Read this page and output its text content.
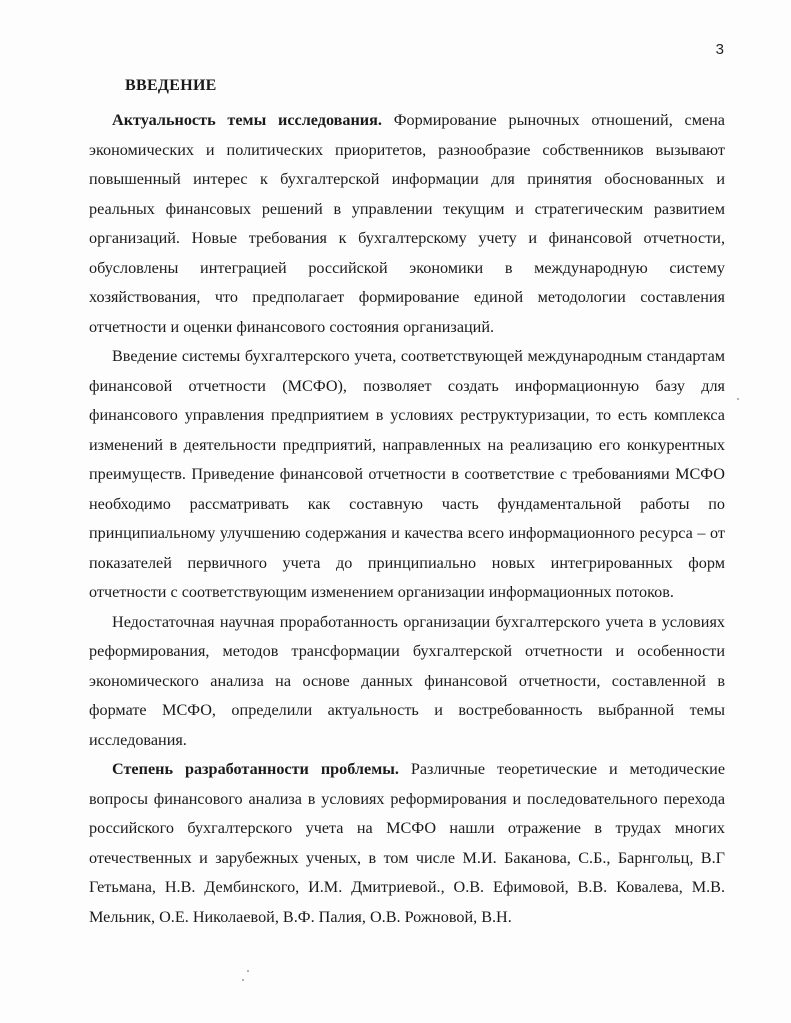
3
ВВЕДЕНИЕ

Актуальность темы исследования. Формирование рыночных отношений, смена экономических и политических приоритетов, разнообразие собственников вызывают повышенный интерес к бухгалтерской информации для принятия обоснованных и реальных финансовых решений в управлении текущим и стратегическим развитием организаций. Новые требования к бухгалтерскому учету и финансовой отчетности, обусловлены интеграцией российской экономики в международную систему хозяйствования, что предполагает формирование единой методологии составления отчетности и оценки финансового состояния организаций.

Введение системы бухгалтерского учета, соответствующей международным стандартам финансовой отчетности (МСФО), позволяет создать информационную базу для финансового управления предприятием в условиях реструктуризации, то есть комплекса изменений в деятельности предприятий, направленных на реализацию его конкурентных преимуществ. Приведение финансовой отчетности в соответствие с требованиями МСФО необходимо рассматривать как составную часть фундаментальной работы по принципиальному улучшению содержания и качества всего информационного ресурса – от показателей первичного учета до принципиально новых интегрированных форм отчетности с соответствующим изменением организации информационных потоков.

Недостаточная научная проработанность организации бухгалтерского учета в условиях реформирования, методов трансформации бухгалтерской отчетности и особенности экономического анализа на основе данных финансовой отчетности, составленной в формате МСФО, определили актуальность и востребованность выбранной темы исследования.

Степень разработанности проблемы. Различные теоретические и методические вопросы финансового анализа в условиях реформирования и последовательного перехода российского бухгалтерского учета на МСФО нашли отражение в трудах многих отечественных и зарубежных ученых, в том числе М.И. Баканова, С.Б., Барнгольц, В.Г Гетьмана, Н.В. Дембинского, И.М. Дмитриевой., О.В. Ефимовой, В.В. Ковалева, М.В. Мельник, О.Е. Николаевой, В.Ф. Палия, О.В. Рожновой, В.Н.
